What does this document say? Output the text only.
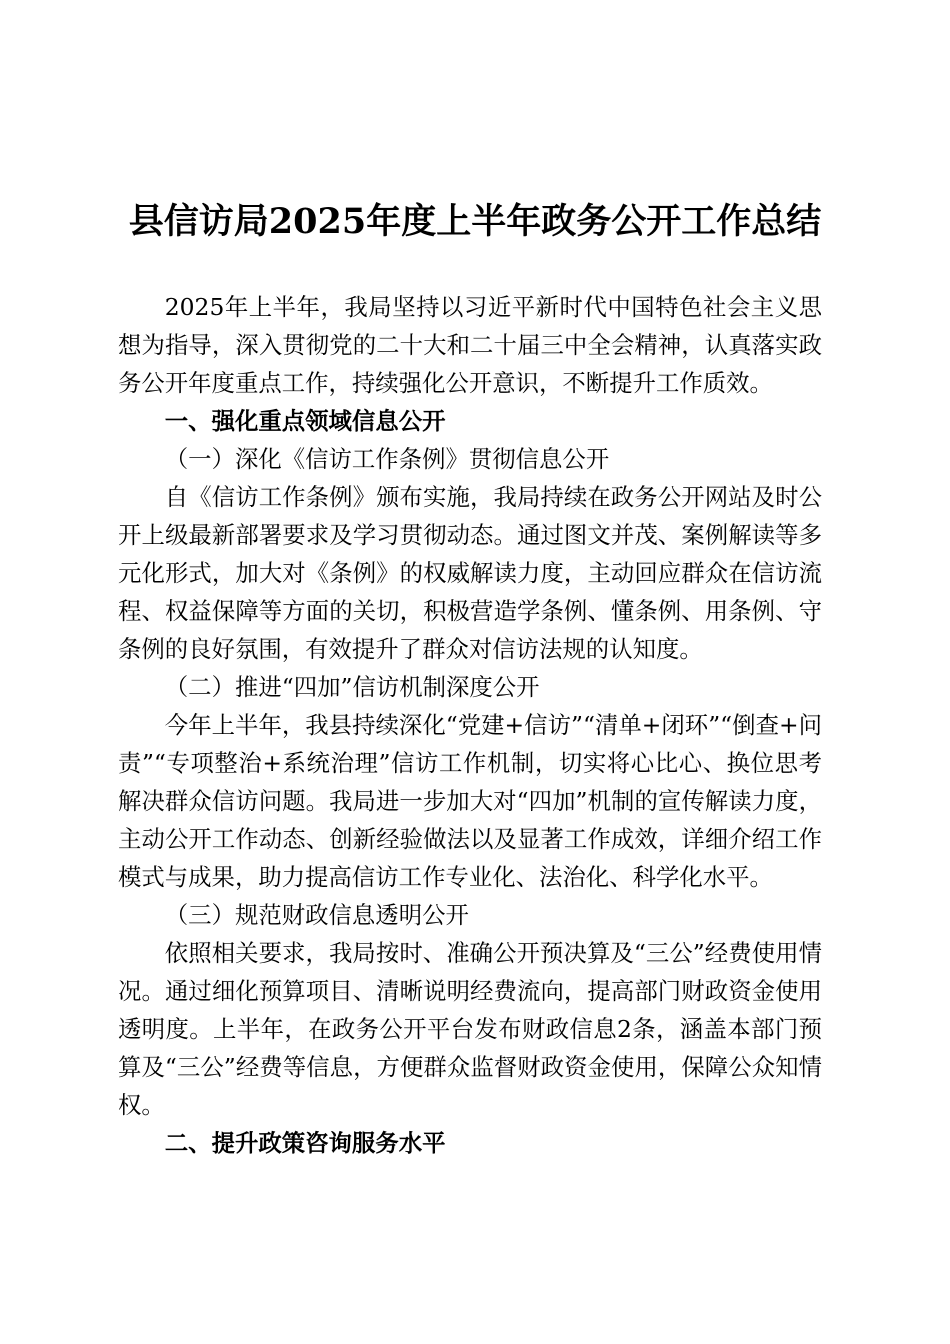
县信访局2025年度上半年政务公开工作总结

2025年上半年，我局坚持以习近平新时代中国特色社会主义思想为指导，深入贯彻党的二十大和二十届三中全会精神，认真落实政务公开年度重点工作，持续强化公开意识，不断提升工作质效。

一、强化重点领域信息公开

（一）深化《信访工作条例》贯彻信息公开

自《信访工作条例》颁布实施，我局持续在政务公开网站及时公开上级最新部署要求及学习贯彻动态。通过图文并茂、案例解读等多元化形式，加大对《条例》的权威解读力度，主动回应群众在信访流程、权益保障等方面的关切，积极营造学条例、懂条例、用条例、守条例的良好氛围，有效提升了群众对信访法规的认知度。

（二）推进“四加”信访机制深度公开

今年上半年，我县持续深化“党建+信访”“清单+闭环”“倒查+问责”“专项整治+系统治理”信访工作机制，切实将心比心、换位思考解决群众信访问题。我局进一步加大对“四加”机制的宣传解读力度，主动公开工作动态、创新经验做法以及显著工作成效，详细介绍工作模式与成果，助力提高信访工作专业化、法治化、科学化水平。

（三）规范财政信息透明公开

依照相关要求，我局按时、准确公开预决算及“三公”经费使用情况。通过细化预算项目、清晰说明经费流向，提高部门财政资金使用透明度。上半年，在政务公开平台发布财政信息2条，涵盖本部门预算及“三公”经费等信息，方便群众监督财政资金使用，保障公众知情权。

二、提升政策咨询服务水平
